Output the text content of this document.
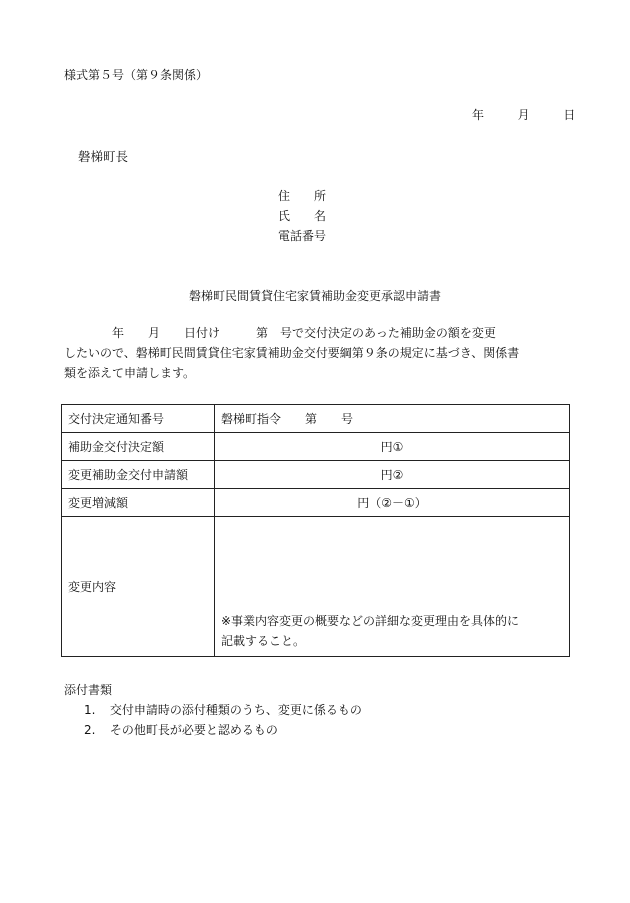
様式第５号（第９条関係）
年	月	日
磐梯町長
住　　所
氏　　名
電話番号
磐梯町民間賃貸住宅家賃補助金変更承認申請書
　　　　年　　月　　日付け　　　第　号で交付決定のあった補助金の額を変更
したいので、磐梯町民間賃貸住宅家賃補助金交付要綱第９条の規定に基づき、関係書
類を添えて申請します。
交付決定通知番号	磐梯町指令　　第　　号
補助金交付決定額	円①
変更補助金交付申請額	円②
変更増減額	円（②－①）
変更内容	※事業内容変更の概要などの詳細な変更理由を具体的に
記載すること。
添付書類
1. 交付申請時の添付種類のうち、変更に係るもの
2. その他町長が必要と認めるもの
